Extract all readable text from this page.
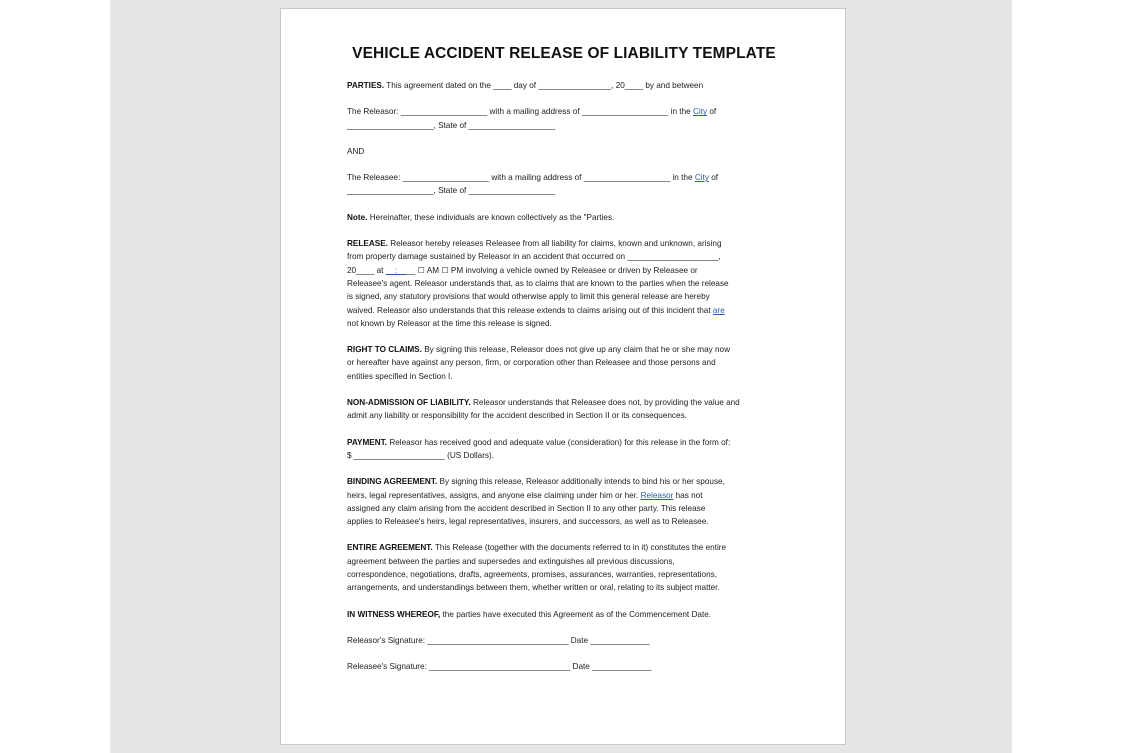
VEHICLE ACCIDENT RELEASE OF LIABILITY TEMPLATE

PARTIES. This agreement dated on the ____ day of ________________, 20____ by and between

The Releasor: ___________________ with a mailing address of ___________________ in the City of

___________________, State of ___________________

AND

The Releasee: ___________________ with a mailing address of ___________________ in the City of

___________________, State of ___________________

Note. Hereinafter, these individuals are known collectively as the "Parties.

RELEASE. Releasor hereby releases Releasee from all liability for claims, known and unknown, arising

from property damage sustained by Releasor in an accident that occurred on ____________________,

20____ at __:____ ☐ AM ☐ PM involving a vehicle owned by Releasee or driven by Releasee or

Releasee's agent. Releasor understands that, as to claims that are known to the parties when the release

is signed, any statutory provisions that would otherwise apply to limit this general release are hereby

waived. Releasor also understands that this release extends to claims arising out of this incident that are

not known by Releasor at the time this release is signed.

RIGHT TO CLAIMS. By signing this release, Releasor does not give up any claim that he or she may now

or hereafter have against any person, firm, or corporation other than Releasee and those persons and

entities specified in Section I.

NON-ADMISSION OF LIABILITY. Releasor understands that Releasee does not, by providing the value and

admit any liability or responsibility for the accident described in Section II or its consequences.

PAYMENT. Releasor has received good and adequate value (consideration) for this release in the form of:

$ ____________________ (US Dollars).

BINDING AGREEMENT. By signing this release, Releasor additionally intends to bind his or her spouse,

heirs, legal representatives, assigns, and anyone else claiming under him or her. Releasor has not

assigned any claim arising from the accident described in Section II to any other party. This release

applies to Releasee's heirs, legal representatives, insurers, and successors, as well as to Releasee.

ENTIRE AGREEMENT. This Release (together with the documents referred to in it) constitutes the entire

agreement between the parties and supersedes and extinguishes all previous discussions,

correspondence, negotiations, drafts, agreements, promises, assurances, warranties, representations,

arrangements, and understandings between them, whether written or oral, relating to its subject matter.

IN WITNESS WHEREOF, the parties have executed this Agreement as of the Commencement Date.

Releasor's Signature: _______________________________ Date _____________

Releasee's Signature: _______________________________ Date _____________
